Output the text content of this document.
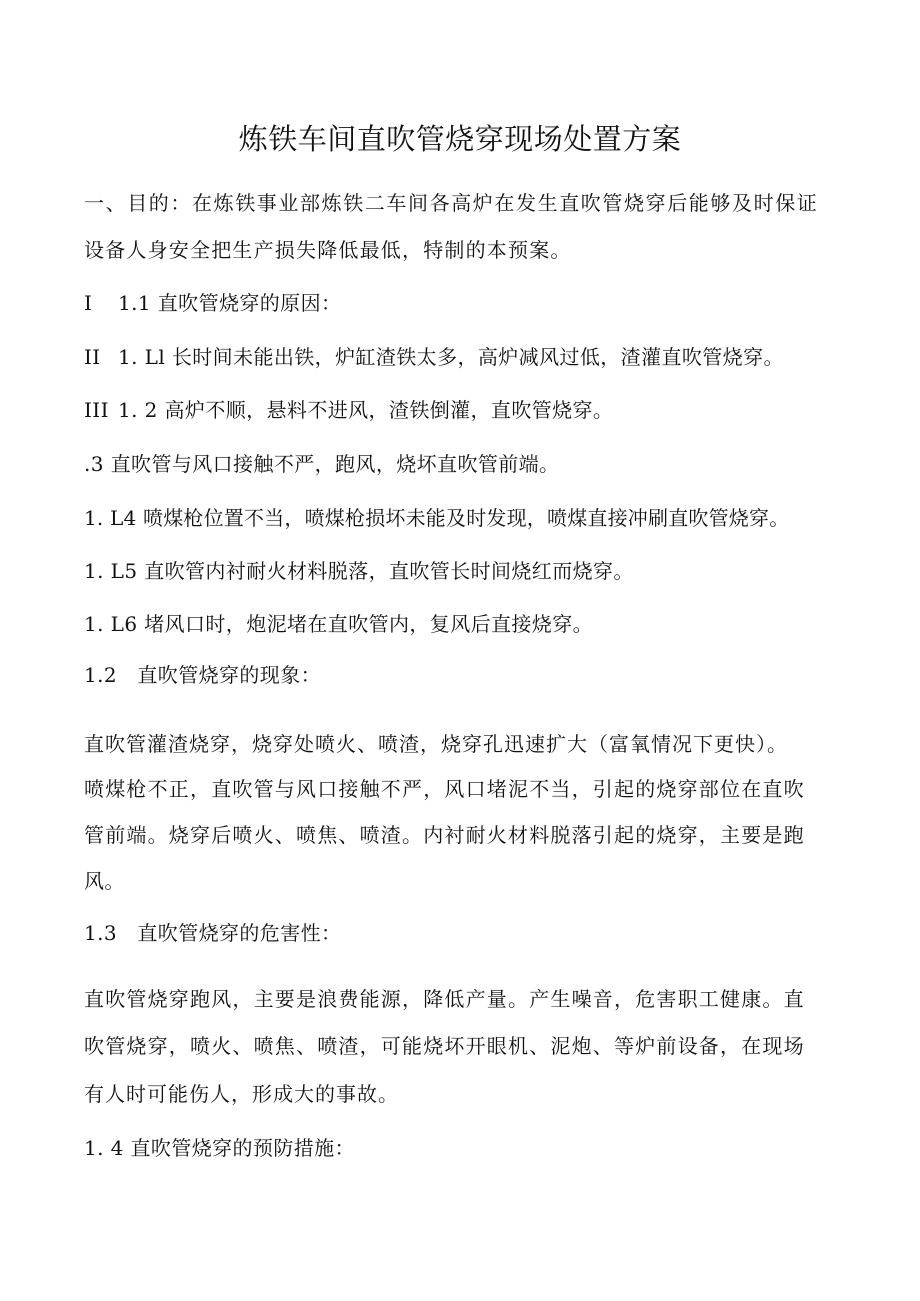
炼铁车间直吹管烧穿现场处置方案
一、目的：在炼铁事业部炼铁二车间各高炉在发生直吹管烧穿后能够及时保证
设备人身安全把生产损失降低最低，特制的本预案。
I 1.1 直吹管烧穿的原因：
II 1. Ll 长时间未能出铁，炉缸渣铁太多，高炉减风过低，渣灌直吹管烧穿。
III 1. 2 高炉不顺，悬料不进风，渣铁倒灌，直吹管烧穿。
.3 直吹管与风口接触不严，跑风，烧坏直吹管前端。
1. L4 喷煤枪位置不当，喷煤枪损坏未能及时发现，喷煤直接冲刷直吹管烧穿。
1. L5 直吹管内衬耐火材料脱落，直吹管长时间烧红而烧穿。
1. L6 堵风口时，炮泥堵在直吹管内，复风后直接烧穿。
1.2　直吹管烧穿的现象：
直吹管灌渣烧穿，烧穿处喷火、喷渣，烧穿孔迅速扩大（富氧情况下更快）。
喷煤枪不正，直吹管与风口接触不严，风口堵泥不当，引起的烧穿部位在直吹
管前端。烧穿后喷火、喷焦、喷渣。内衬耐火材料脱落引起的烧穿，主要是跑
风。
1.3　直吹管烧穿的危害性：
直吹管烧穿跑风，主要是浪费能源，降低产量。产生噪音，危害职工健康。直
吹管烧穿，喷火、喷焦、喷渣，可能烧坏开眼机、泥炮、等炉前设备，在现场
有人时可能伤人，形成大的事故。
1. 4 直吹管烧穿的预防措施：
